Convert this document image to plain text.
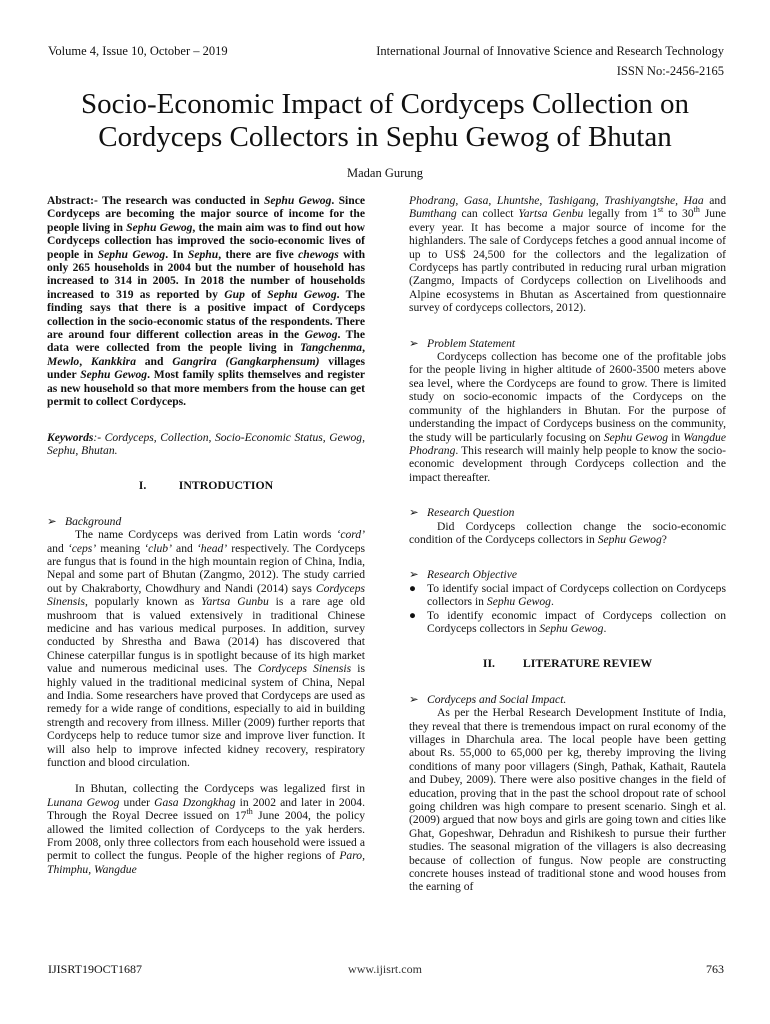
Volume 4, Issue 10, October – 2019	International Journal of Innovative Science and Research Technology
ISSN No:-2456-2165
Socio-Economic Impact of Cordyceps Collection on
Cordyceps Collectors in Sephu Gewog of Bhutan
Madan Gurung

Abstract:- The research was conducted in Sephu Gewog. Since Cordyceps are becoming the major source of income for the people living in Sephu Gewog, the main aim was to find out how Cordyceps collection has improved the socio-economic lives of people in Sephu Gewog. In Sephu, there are five chewogs with only 265 households in 2004 but the number of household has increased to 314 in 2005. In 2018 the number of households increased to 319 as reported by Gup of Sephu Gewog. The finding says that there is a positive impact of Cordyceps collection in the socio-economic status of the respondents. There are around four different collection areas in the Gewog. The data were collected from the people living in Tangchenma, Mewlo, Kankkira and Gangrira (Gangkarphensum) villages under Sephu Gewog. Most family splits themselves and register as new household so that more members from the house can get permit to collect Cordyceps.

Keywords:- Cordyceps, Collection, Socio-Economic Status, Gewog, Sephu, Bhutan.

I.	INTRODUCTION

➢ Background

The name Cordyceps was derived from Latin words ‘cord’ and ‘ceps’ meaning ‘club’ and ‘head’ respectively. The Cordyceps are fungus that is found in the high mountain region of China, India, Nepal and some part of Bhutan (Zangmo, 2012). The study carried out by Chakraborty, Chowdhury and Nandi (2014) says Cordyceps Sinensis, popularly known as Yartsa Gunbu is a rare age old mushroom that is valued extensively in traditional Chinese medicine and has various medical purposes. In addition, survey conducted by Shrestha and Bawa (2014) has discovered that Chinese caterpillar fungus is in spotlight because of its high market value and numerous medicinal uses. The Cordyceps Sinensis is highly valued in the traditional medicinal system of China, Nepal and India. Some researchers have proved that Cordyceps are used as remedy for a wide range of conditions, especially to aid in building strength and recovery from illness. Miller (2009) further reports that Cordyceps help to reduce tumor size and improve liver function. It will also help to improve infected kidney recovery, respiratory function and blood circulation.

In Bhutan, collecting the Cordyceps was legalized first in Lunana Gewog under Gasa Dzongkhag in 2002 and later in 2004. Through the Royal Decree issued on 17th June 2004, the policy allowed the limited collection of Cordyceps to the yak herders. From 2008, only three collectors from each household were issued a permit to collect the fungus. People of the higher regions of Paro, Thimphu, Wangdue

Phodrang, Gasa, Lhuntshe, Tashigang, Trashiyangtshe, Haa and Bumthang can collect Yartsa Genbu legally from 1st to 30th June every year. It has become a major source of income for the highlanders. The sale of Cordyceps fetches a good annual income of up to US$ 24,500 for the collectors and the legalization of Cordyceps has partly contributed in reducing rural urban migration (Zangmo, Impacts of Cordyceps collection on Livelihoods and Alpine ecosystems in Bhutan as Ascertained from questionnaire survey of cordyceps collectors, 2012).

➢ Problem Statement

Cordyceps collection has become one of the profitable jobs for the people living in higher altitude of 2600-3500 meters above sea level, where the Cordyceps are found to grow. There is limited study on socio-economic impacts of the Cordyceps on the community of the highlanders in Bhutan. For the purpose of understanding the impact of Cordyceps business on the community, the study will be particularly focusing on Sephu Gewog in Wangdue Phodrang. This research will mainly help people to know the socio-economic development through Cordyceps collection and the impact thereafter.

➢ Research Question

Did Cordyceps collection change the socio-economic condition of the Cordyceps collectors in Sephu Gewog?

➢ Research Objective

● To identify social impact of Cordyceps collection on Cordyceps collectors in Sephu Gewog.
● To identify economic impact of Cordyceps collection on Cordyceps collectors in Sephu Gewog.

II. LITERATURE REVIEW

➢ Cordyceps and Social Impact.

As per the Herbal Research Development Institute of India, they reveal that there is tremendous impact on rural economy of the villages in Dharchula area. The local people have been getting about Rs. 55,000 to 65,000 per kg, thereby improving the living conditions of many poor villagers (Singh, Pathak, Kathait, Rautela and Dubey, 2009). There were also positive changes in the field of education, proving that in the past the school dropout rate of school going children was high compare to present scenario. Singh et al. (2009) argued that now boys and girls are going town and cities like Ghat, Gopeshwar, Dehradun and Rishikesh to pursue their further studies. The seasonal migration of the villagers is also decreasing because of collection of fungus. Now people are constructing concrete houses instead of traditional stone and wood houses from the earning of

IJISRT19OCT1687	www.ijisrt.com	763
